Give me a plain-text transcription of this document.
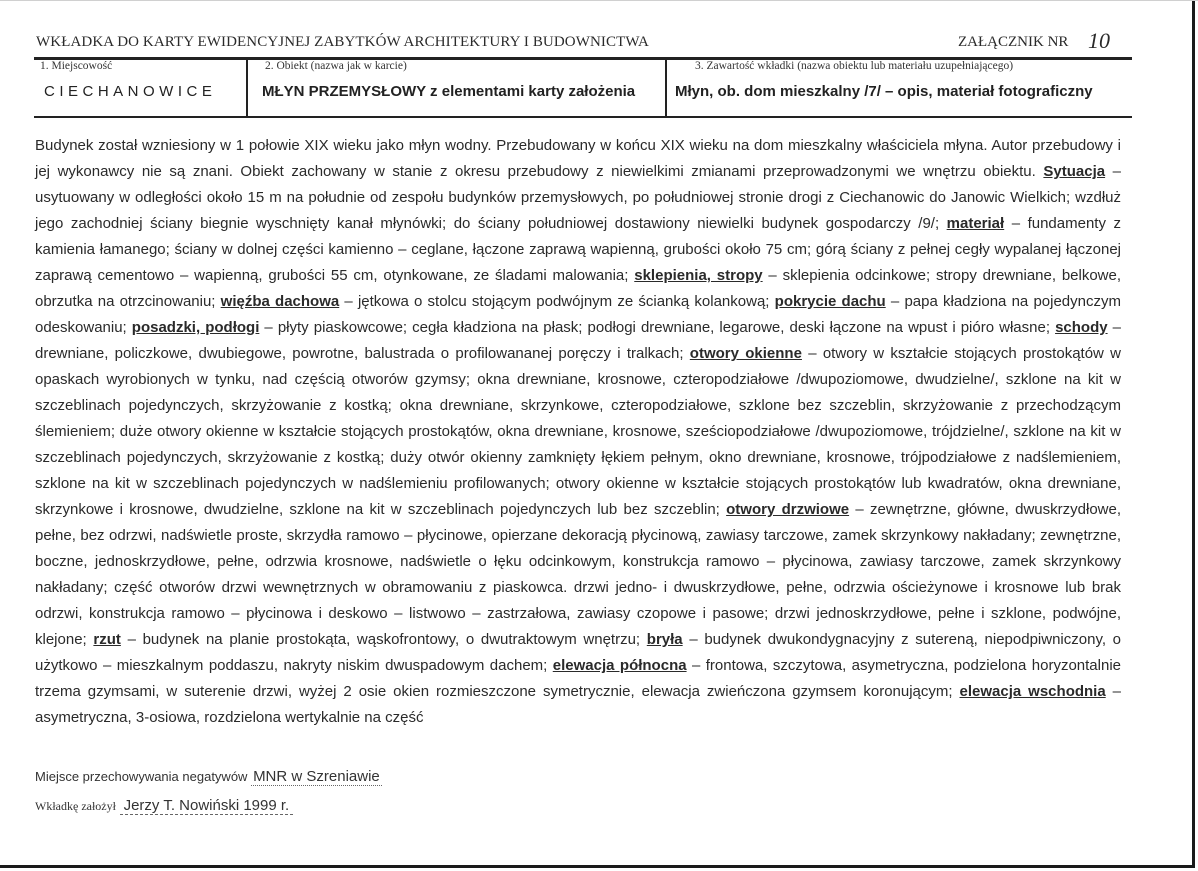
WKŁADKA DO KARTY EWIDENCYJNEJ ZABYTKÓW ARCHITEKTURY I BUDOWNICTWA	ZAŁĄCZNIK NR 10
1. Miejscowość
CIECHANOWICE
2. Obiekt (nazwa jak w karcie)
MŁYN PRZEMYSŁOWY z elementami karty założenia
3. Zawartość wkładki (nazwa obiektu lub materiału uzupełniającego)
Młyn, ob. dom mieszkalny /7/ – opis, materiał fotograficzny
Budynek został wzniesiony w 1 połowie XIX wieku jako młyn wodny. Przebudowany w końcu XIX wieku na dom mieszkalny właściciela młyna. Autor przebudowy i jej wykonawcy nie są znani. Obiekt zachowany w stanie z okresu przebudowy z niewielkimi zmianami przeprowadzonymi we wnętrzu obiektu. Sytuacja – usytuowany w odległości około 15 m na południe od zespołu budynków przemysłowych, po południowej stronie drogi z Ciechanowic do Janowic Wielkich; wzdłuż jego zachodniej ściany biegnie wyschnięty kanał młynówki; do ściany południowej dostawiony niewielki budynek gospodarczy /9/; materiał – fundamenty z kamienia łamanego; ściany w dolnej części kamienno – ceglane, łączone zaprawą wapienną, grubości około 75 cm; górą ściany z pełnej cegły wypalanej łączonej zaprawą cementowo – wapienną, grubości 55 cm, otynkowane, ze śladami malowania; sklepienia, stropy – sklepienia odcinkowe; stropy drewniane, belkowe, obrzutka na otrzcinowaniu; więźba dachowa – jętkowa o stolcu stojącym podwójnym ze ścianką kolankową; pokrycie dachu – papa kładziona na pojedynczym odeskowaniu; posadzki, podłogi – płyty piaskowcowe; cegła kładziona na płask; podłogi drewniane, legarowe, deski łączone na wpust i pióro własne; schody – drewniane, policzkowe, dwubiegowe, powrotne, balustrada o profilowananej poręczy i tralkach; otwory okienne – otwory w kształcie stojących prostokątów w opaskach wyrobionych w tynku, nad częścią otworów gzymsy; okna drewniane, krosnowe, czteropodziałowe /dwupoziomowe, dwudzielne/, szklone na kit w szczeblinach pojedynczych, skrzyżowanie z kostką; okna drewniane, skrzynkowe, czteropodziałowe, szklone bez szczeblin, skrzyżowanie z przechodzącym ślemieniem; duże otwory okienne w kształcie stojących prostokątów, okna drewniane, krosnowe, sześciopodziałowe /dwupoziomowe, trójdzielne/, szklone na kit w szczeblinach pojedynczych, skrzyżowanie z kostką; duży otwór okienny zamknięty łękiem pełnym, okno drewniane, krosnowe, trójpodziałowe z nadślemieniem, szklone na kit w szczeblinach pojedynczych w nadślemieniu profilowanych; otwory okienne w kształcie stojących prostokątów lub kwadratów, okna drewniane, skrzynkowe i krosnowe, dwudzielne, szklone na kit w szczeblinach pojedynczych lub bez szczeblin; otwory drzwiowe – zewnętrzne, główne, dwuskrzydłowe, pełne, bez odrzwi, nadświetle proste, skrzydła ramowo – płycinowe, opierzane dekoracją płycinową, zawiasy tarczowe, zamek skrzynkowy nakładany; zewnętrzne, boczne, jednoskrzydłowe, pełne, odrzwia krosnowe, nadświetle o łęku odcinkowym, konstrukcja ramowo – płycinowa, zawiasy tarczowe, zamek skrzynkowy nakładany; część otworów drzwi wewnętrznych w obramowaniu z piaskowca. drzwi jedno- i dwuskrzydłowe, pełne, odrzwia ościeżynowe i krosnowe lub brak odrzwi, konstrukcja ramowo – płycinowa i deskowo – listwowo – zastrzałowa, zawiasy czopowe i pasowe; drzwi jednoskrzydłowe, pełne i szklone, podwójne, klejone; rzut – budynek na planie prostokąta, wąskofrontowy, o dwutraktowym wnętrzu; bryła – budynek dwukondygnacyjny z sutereną, niepodpiwniczony, o użytkowo – mieszkalnym poddaszu, nakryty niskim dwuspadowym dachem; elewacja północna – frontowa, szczytowa, asymetryczna, podzielona horyzontalnie trzema gzymsami, w suterenie drzwi, wyżej 2 osie okien rozmieszczone symetrycznie, elewacja zwieńczona gzymsem koronującym; elewacja wschodnia – asymetryczna, 3-osiowa, rozdzielona wertykalnie na część
Miejsce przechowywania negatywów MNR w Szreniawie
Wkładkę założył Jerzy T. Nowiński 1999 r.
